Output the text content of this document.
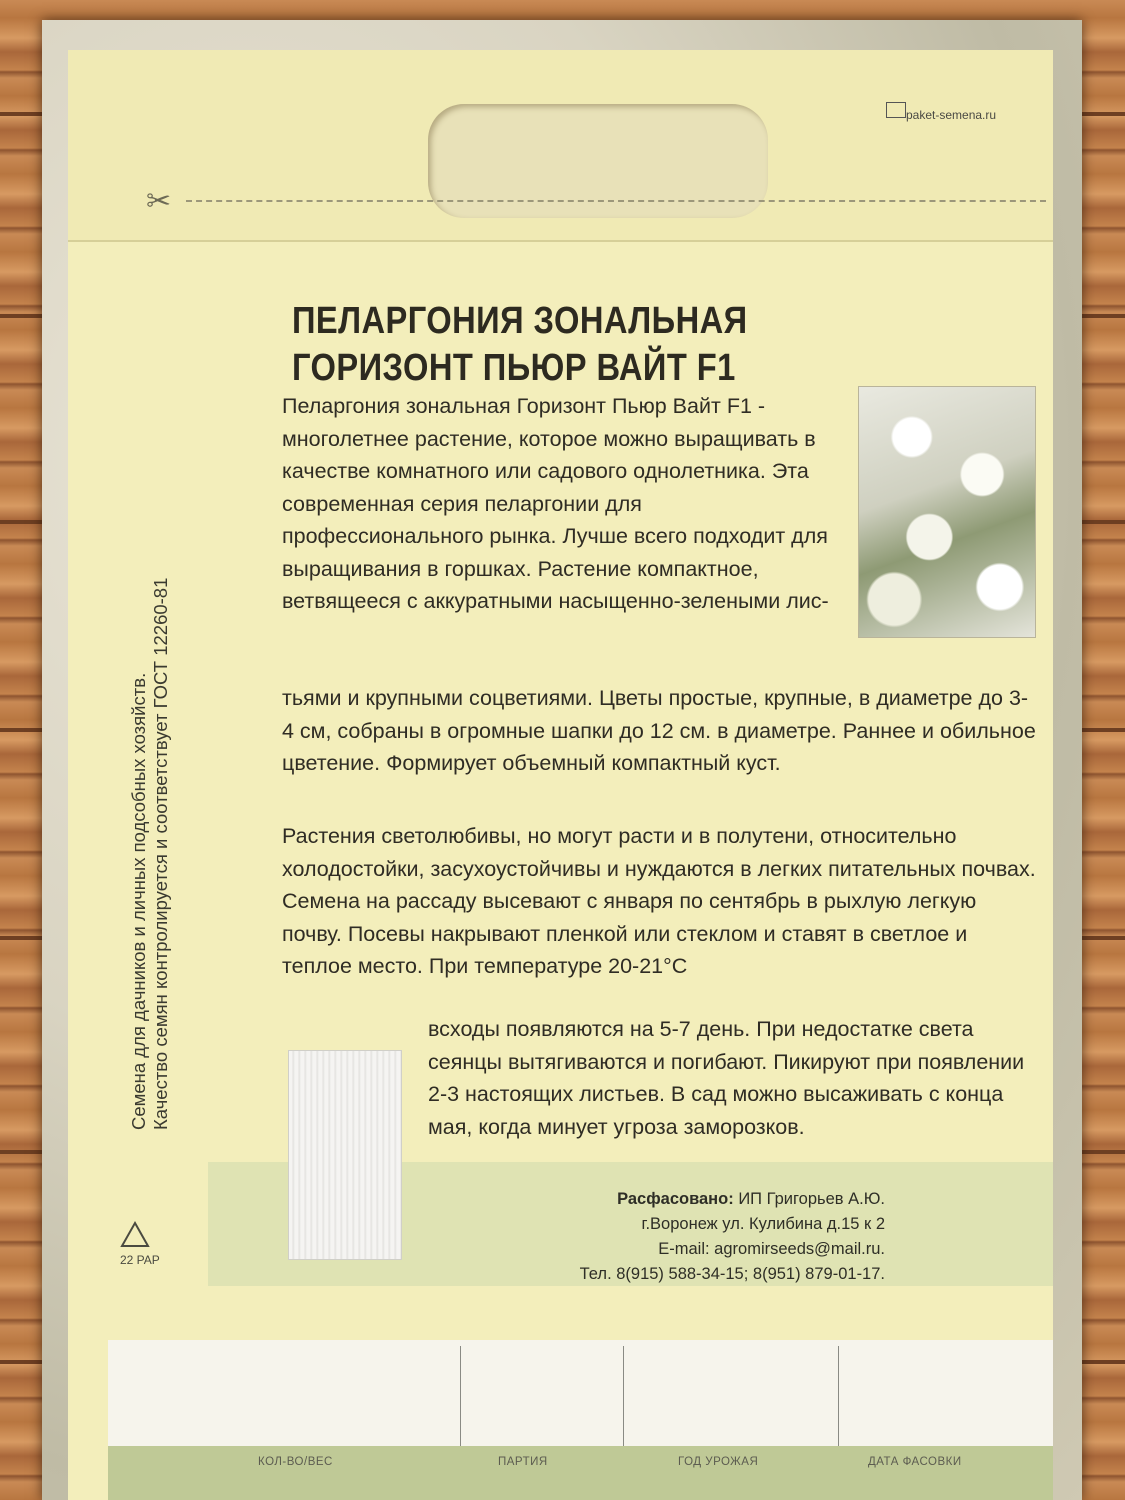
paket-semena.ru
✂
ПЕЛАРГОНИЯ ЗОНАЛЬНАЯ
ГОРИЗОНТ ПЬЮР ВАЙТ F1

Пеларгония зональная Горизонт Пьюр Вайт F1 - многолетнее растение, которое можно выращивать в качестве комнатного или садового однолетника. Эта современная серия пеларгонии для профессионального рынка. Лучше всего подходит для выращивания в горшках. Растение компактное, ветвящееся с аккуратными насыщенно-зелеными лис-

тьями и крупными соцветиями. Цветы простые, крупные, в диаметре до 3-4 см, собраны в огромные шапки до 12 см. в диаметре. Раннее и обильное цветение. Формирует объемный компактный куст.

Растения светолюбивы, но могут расти и в полутени, относительно холодостойки, засухоустойчивы и нуждаются в легких питательных почвах. Семена на рассаду высевают с января по сентябрь в рыхлую легкую почву. Посевы накрывают пленкой или стеклом и ставят в светлое и теплое место. При температуре 20-21°С

всходы появляются на 5-7 день. При недостатке света сеянцы вытягиваются и погибают. Пикируют при появлении 2-3 настоящих листьев. В сад можно высаживать с конца мая, когда минует угроза заморозков.

Расфасовано: ИП Григорьев А.Ю.
г.Воронеж ул. Кулибина д.15 к 2
E-mail: agromirseeds@mail.ru.
Тел. 8(915) 588-34-15; 8(951) 879-01-17.
Семена для дачников и личных подсобных хозяйств. Качество семян контролируется и соответствует ГОСТ 12260-81
22 PAP
КОЛ-ВО/ВЕС	ПАРТИЯ	ГОД УРОЖАЯ	ДАТА ФАСОВКИ
